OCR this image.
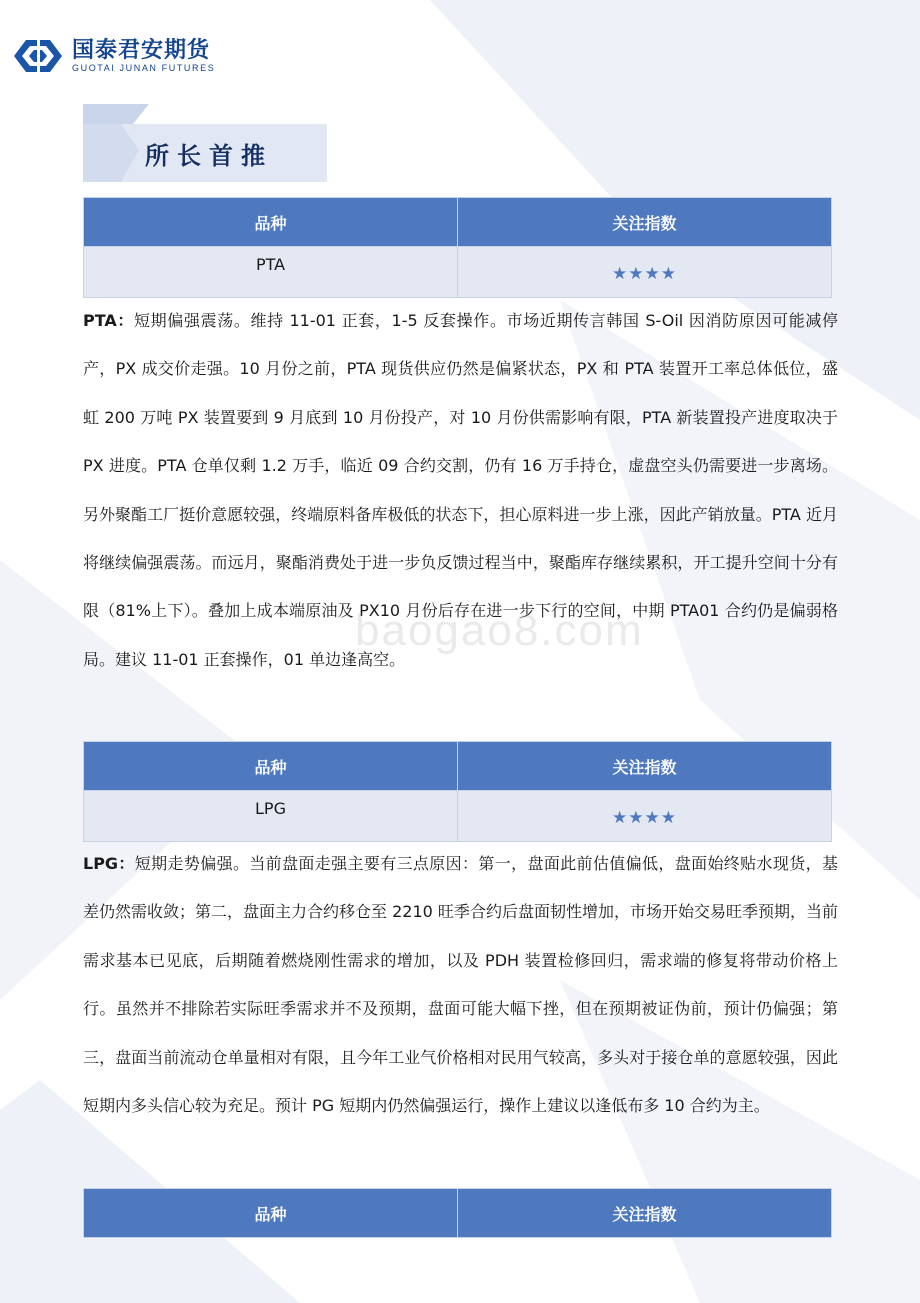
国泰君安期货
GUOTAI JUNAN FUTURES
所长首推
品种	关注指数
PTA	★★★★

PTA：短期偏强震荡。维持 11-01 正套，1-5 反套操作。市场近期传言韩国 S-Oil 因消防原因可能减停产，PX 成交价走强。10 月份之前，PTA 现货供应仍然是偏紧状态，PX 和 PTA 装置开工率总体低位，盛虹 200 万吨 PX 装置要到 9 月底到 10 月份投产，对 10 月份供需影响有限，PTA 新装置投产进度取决于 PX 进度。PTA 仓单仅剩 1.2 万手，临近 09 合约交割，仍有 16 万手持仓，虚盘空头仍需要进一步离场。另外聚酯工厂挺价意愿较强，终端原料备库极低的状态下，担心原料进一步上涨，因此产销放量。PTA 近月将继续偏强震荡。而远月，聚酯消费处于进一步负反馈过程当中，聚酯库存继续累积，开工提升空间十分有限（81%上下）。叠加上成本端原油及 PX10 月份后存在进一步下行的空间，中期 PTA01 合约仍是偏弱格局。建议 11-01 正套操作，01 单边逢高空。

品种	关注指数
LPG	★★★★

LPG：短期走势偏强。当前盘面走强主要有三点原因：第一，盘面此前估值偏低，盘面始终贴水现货，基差仍然需收敛；第二，盘面主力合约移仓至 2210 旺季合约后盘面韧性增加，市场开始交易旺季预期，当前需求基本已见底，后期随着燃烧刚性需求的增加，以及 PDH 装置检修回归，需求端的修复将带动价格上行。虽然并不排除若实际旺季需求并不及预期，盘面可能大幅下挫，但在预期被证伪前，预计仍偏强；第三，盘面当前流动仓单量相对有限，且今年工业气价格相对民用气较高，多头对于接仓单的意愿较强，因此短期内多头信心较为充足。预计 PG 短期内仍然偏强运行，操作上建议以逢低布多 10 合约为主。

品种	关注指数
baogao8.com
